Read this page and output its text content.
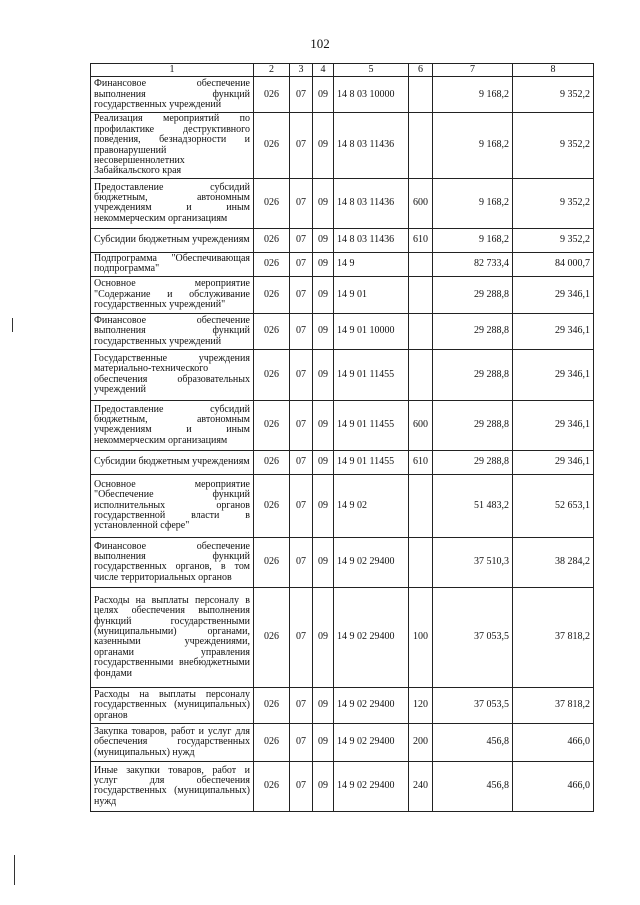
102
1	2	3	4	5	6	7	8
Финансовое обеспечение выполнения функций государственных учреждений	026	07	09	14 8 03 10000		9 168,2	9 352,2
Реализация мероприятий по профилактике деструктивного поведения, безнадзорности и правонарушений несовершеннолетних Забайкальского края	026	07	09	14 8 03 11436		9 168,2	9 352,2
Предоставление субсидий бюджетным, автономным учреждениям и иным некоммерческим организациям	026	07	09	14 8 03 11436	600	9 168,2	9 352,2
Субсидии бюджетным учреждениям	026	07	09	14 8 03 11436	610	9 168,2	9 352,2
Подпрограмма "Обеспечивающая подпрограмма"	026	07	09	14 9		82 733,4	84 000,7
Основное мероприятие "Содержание и обслуживание государственных учреждений"	026	07	09	14 9 01		29 288,8	29 346,1
Финансовое обеспечение выполнения функций государственных учреждений	026	07	09	14 9 01 10000		29 288,8	29 346,1
Государственные учреждения материально-технического обеспечения образовательных учреждений	026	07	09	14 9 01 11455		29 288,8	29 346,1
Предоставление субсидий бюджетным, автономным учреждениям и иным некоммерческим организациям	026	07	09	14 9 01 11455	600	29 288,8	29 346,1
Субсидии бюджетным учреждениям	026	07	09	14 9 01 11455	610	29 288,8	29 346,1
Основное мероприятие "Обеспечение функций исполнительных органов государственной власти в установленной сфере"	026	07	09	14 9 02		51 483,2	52 653,1
Финансовое обеспечение выполнения функций государственных органов, в том числе территориальных органов	026	07	09	14 9 02 29400		37 510,3	38 284,2
Расходы на выплаты персоналу в целях обеспечения выполнения функций государственными (муниципальными) органами, казенными учреждениями, органами управления государственными внебюджетными фондами	026	07	09	14 9 02 29400	100	37 053,5	37 818,2
Расходы на выплаты персоналу государственных (муниципальных) органов	026	07	09	14 9 02 29400	120	37 053,5	37 818,2
Закупка товаров, работ и услуг для обеспечения государственных (муниципальных) нужд	026	07	09	14 9 02 29400	200	456,8	466,0
Иные закупки товаров, работ и услуг для обеспечения государственных (муниципальных) нужд	026	07	09	14 9 02 29400	240	456,8	466,0
